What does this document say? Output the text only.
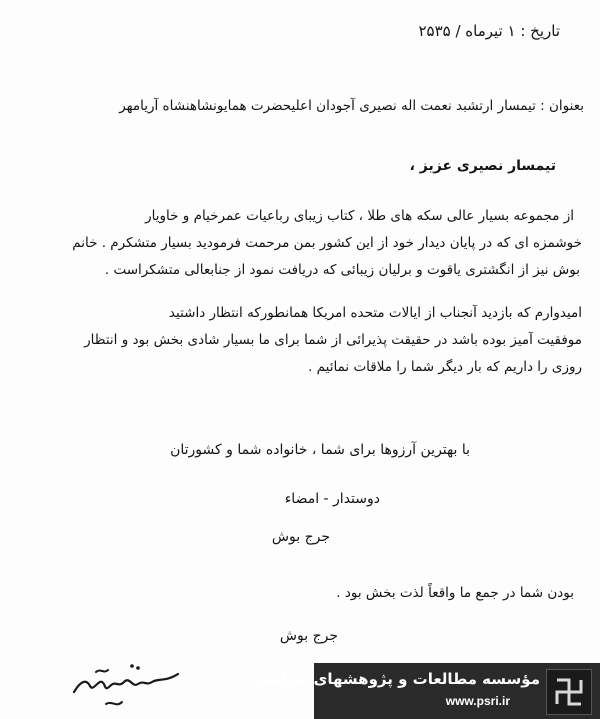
تاریخ : ۱ تیرماه / ۲۵۳۵
بعنوان : تیمسار ارتشبد نعمت اله نصیری آجودان اعلیحضرت همایونشاهنشاه آریامهر
تیمسار نصیری عزیز ،
از مجموعه بسیار عالی سکه های طلا ، کتاب زیبای رباعیات عمرخیام و خاویار
خوشمزه ای که در پایان دیدار خود از این کشور بمن مرحمت فرمودید بسیار متشکرم . خانم
بوش نیز از انگشتری یاقوت و برلیان زیبائی که دریافت نمود از جنابعالی متشکراست .
امیدوارم که بازدید آنجناب از ایالات متحده امریکا همانطورکه انتظار داشتید
موفقیت آمیز بوده باشد در حقیقت پذیرائی از شما برای ما بسیار شادی بخش بود و انتظار
روزی را داریم که بار دیگر شما را ملاقات نمائیم .
با بهترین آرزوها برای شما ، خانواده شما و کشورتان
دوستدار - امضاء
جرج بوش
بودن شما در جمع ما واقعاً لذت بخش بود .
جرج بوش
مؤسسه مطالعات و پژوهشهای سیاسی
www.psri.ir
